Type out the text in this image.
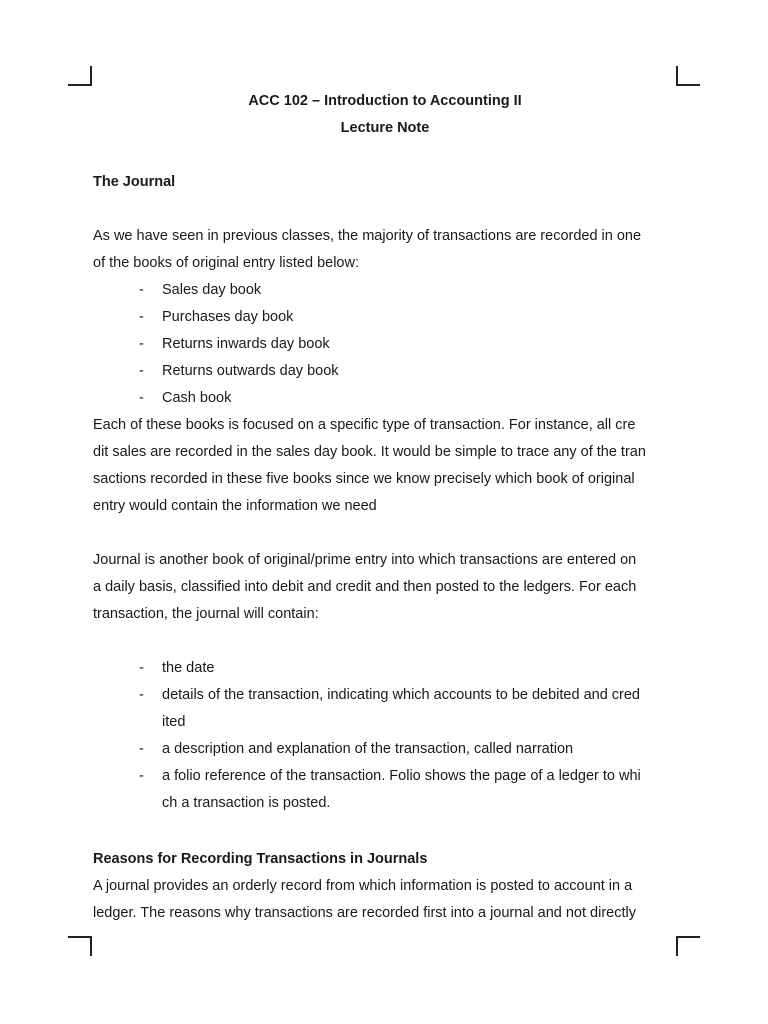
ACC 102 – Introduction to Accounting II
Lecture Note
The Journal
As we have seen in previous classes, the majority of transactions are recorded in one
of the books of original entry listed below:
-	Sales day book
-	Purchases day book
-	Returns inwards day book
-	Returns outwards day book
-	Cash book
Each of these books is focused on a specific type of transaction. For instance, all cre
dit sales are recorded in the sales day book. It would be simple to trace any of the tran
sactions recorded in these five books since we know precisely which book of original
entry would contain the information we need
Journal is another book of original/prime entry into which transactions are entered on
a daily basis, classified into debit and credit and then posted to the ledgers. For each
transaction, the journal will contain:
-	the date
-	details of the transaction, indicating which accounts to be debited and cred
ited
-	a description and explanation of the transaction, called narration
-	a folio reference of the transaction. Folio shows the page of a ledger to whi
ch a transaction is posted.
Reasons for Recording Transactions in Journals
A journal provides an orderly record from which information is posted to account in a
ledger. The reasons why transactions are recorded first into a journal and not directly
